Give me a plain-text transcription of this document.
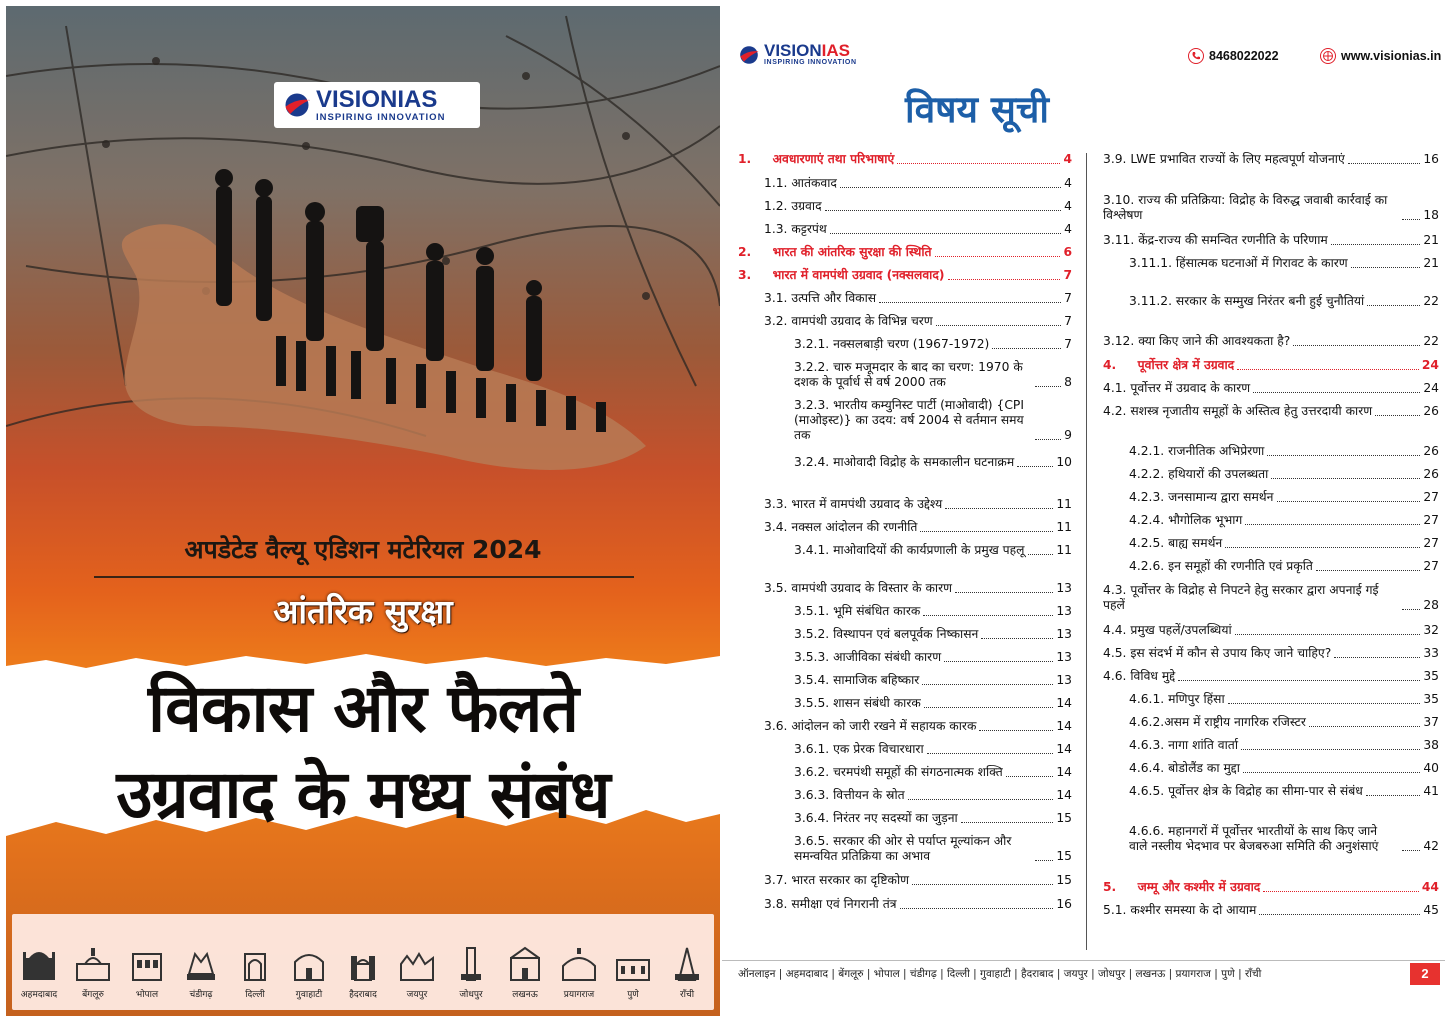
VISIONIAS
INSPIRING INNOVATION
अपडेटेड वैल्यू एडिशन मटेरियल 2024
आंतरिक सुरक्षा
विकास और फैलते
उग्रवाद के मध्य संबंध
अहमदाबाद	बेंगलूरु	भोपाल	चंडीगढ़	दिल्ली	गुवाहाटी	हैदराबाद	जयपुर	जोधपुर	लखनऊ	प्रयागराज	पुणे	राँची
VISIONIAS
INSPIRING INNOVATION	8468022022	www.visionias.in
विषय सूची
1.     अवधारणाएं तथा परिभाषाएं	4
1.1. आतंकवाद	4
1.2. उग्रवाद	4
1.3. कट्टरपंथ	4
2.     भारत की आंतरिक सुरक्षा की स्थिति	6
3.     भारत में वामपंथी उग्रवाद (नक्सलवाद)	7
3.1. उत्पत्ति और विकास	7
3.2. वामपंथी उग्रवाद के विभिन्न चरण	7
3.2.1. नक्सलबाड़ी चरण (1967-1972)	7
3.2.2. चारु मजूमदार के बाद का चरण: 1970 के दशक के पूर्वार्ध से वर्ष 2000 तक	8
3.2.3. भारतीय कम्युनिस्ट पार्टी (माओवादी) {CPI (माओइस्ट)} का उदय: वर्ष 2004 से वर्तमान समय तक	9
3.2.4. माओवादी विद्रोह के समकालीन घटनाक्रम	10
3.3. भारत में वामपंथी उग्रवाद के उद्देश्य	11
3.4. नक्सल आंदोलन की रणनीति	11
3.4.1. माओवादियों की कार्यप्रणाली के प्रमुख पहलू	11
3.5. वामपंथी उग्रवाद के विस्तार के कारण	13
3.5.1. भूमि संबंधित कारक	13
3.5.2. विस्थापन एवं बलपूर्वक निष्कासन	13
3.5.3. आजीविका संबंधी कारण	13
3.5.4. सामाजिक बहिष्कार	13
3.5.5. शासन संबंधी कारक	14
3.6. आंदोलन को जारी रखने में सहायक कारक	14
3.6.1. एक प्रेरक विचारधारा	14
3.6.2. चरमपंथी समूहों की संगठनात्मक शक्ति	14
3.6.3. वित्तीयन के स्रोत	14
3.6.4. निरंतर नए सदस्यों का जुड़ना	15
3.6.5. सरकार की ओर से पर्याप्त मूल्यांकन और समन्वयित प्रतिक्रिया का अभाव	15
3.7. भारत सरकार का दृष्टिकोण	15
3.8. समीक्षा एवं निगरानी तंत्र	16
3.9. LWE प्रभावित राज्यों के लिए महत्वपूर्ण योजनाएं	16
3.10. राज्य की प्रतिक्रिया: विद्रोह के विरुद्ध जवाबी कार्रवाई का विश्लेषण	18
3.11. केंद्र-राज्य की समन्वित रणनीति के परिणाम	21
3.11.1. हिंसात्मक घटनाओं में गिरावट के कारण	21
3.11.2. सरकार के सम्मुख निरंतर बनी हुई चुनौतियां	22
3.12. क्या किए जाने की आवश्यकता है?	22
4.     पूर्वोत्तर क्षेत्र में उग्रवाद	24
4.1. पूर्वोत्तर में उग्रवाद के कारण	24
4.2. सशस्त्र नृजातीय समूहों के अस्तित्व हेतु उत्तरदायी कारण	26
4.2.1. राजनीतिक अभिप्रेरणा	26
4.2.2. हथियारों की उपलब्धता	26
4.2.3. जनसामान्य द्वारा समर्थन	27
4.2.4. भौगोलिक भूभाग	27
4.2.5. बाह्य समर्थन	27
4.2.6. इन समूहों की रणनीति एवं प्रकृति	27
4.3. पूर्वोत्तर के विद्रोह से निपटने हेतु सरकार द्वारा अपनाई गई पहलें	28
4.4. प्रमुख पहलें/उपलब्धियां	32
4.5. इस संदर्भ में कौन से उपाय किए जाने चाहिए?	33
4.6. विविध मुद्दे	35
4.6.1. मणिपुर हिंसा	35
4.6.2.असम में राष्ट्रीय नागरिक रजिस्टर	37
4.6.3. नागा शांति वार्ता	38
4.6.4. बोडोलैंड का मुद्दा	40
4.6.5. पूर्वोत्तर क्षेत्र के विद्रोह का सीमा-पार से संबंध	41
4.6.6. महानगरों में पूर्वोत्तर भारतीयों के साथ किए जाने वाले नस्लीय भेदभाव पर बेजबरुआ समिति की अनुशंसाएं	42
5.     जम्मू और कश्मीर में उग्रवाद	44
5.1. कश्मीर समस्या के दो आयाम	45
ऑनलाइन | अहमदाबाद | बेंगलूरु | भोपाल | चंडीगढ़ | दिल्ली | गुवाहाटी | हैदराबाद | जयपुर | जोधपुर | लखनऊ | प्रयागराज | पुणे | राँची	2
